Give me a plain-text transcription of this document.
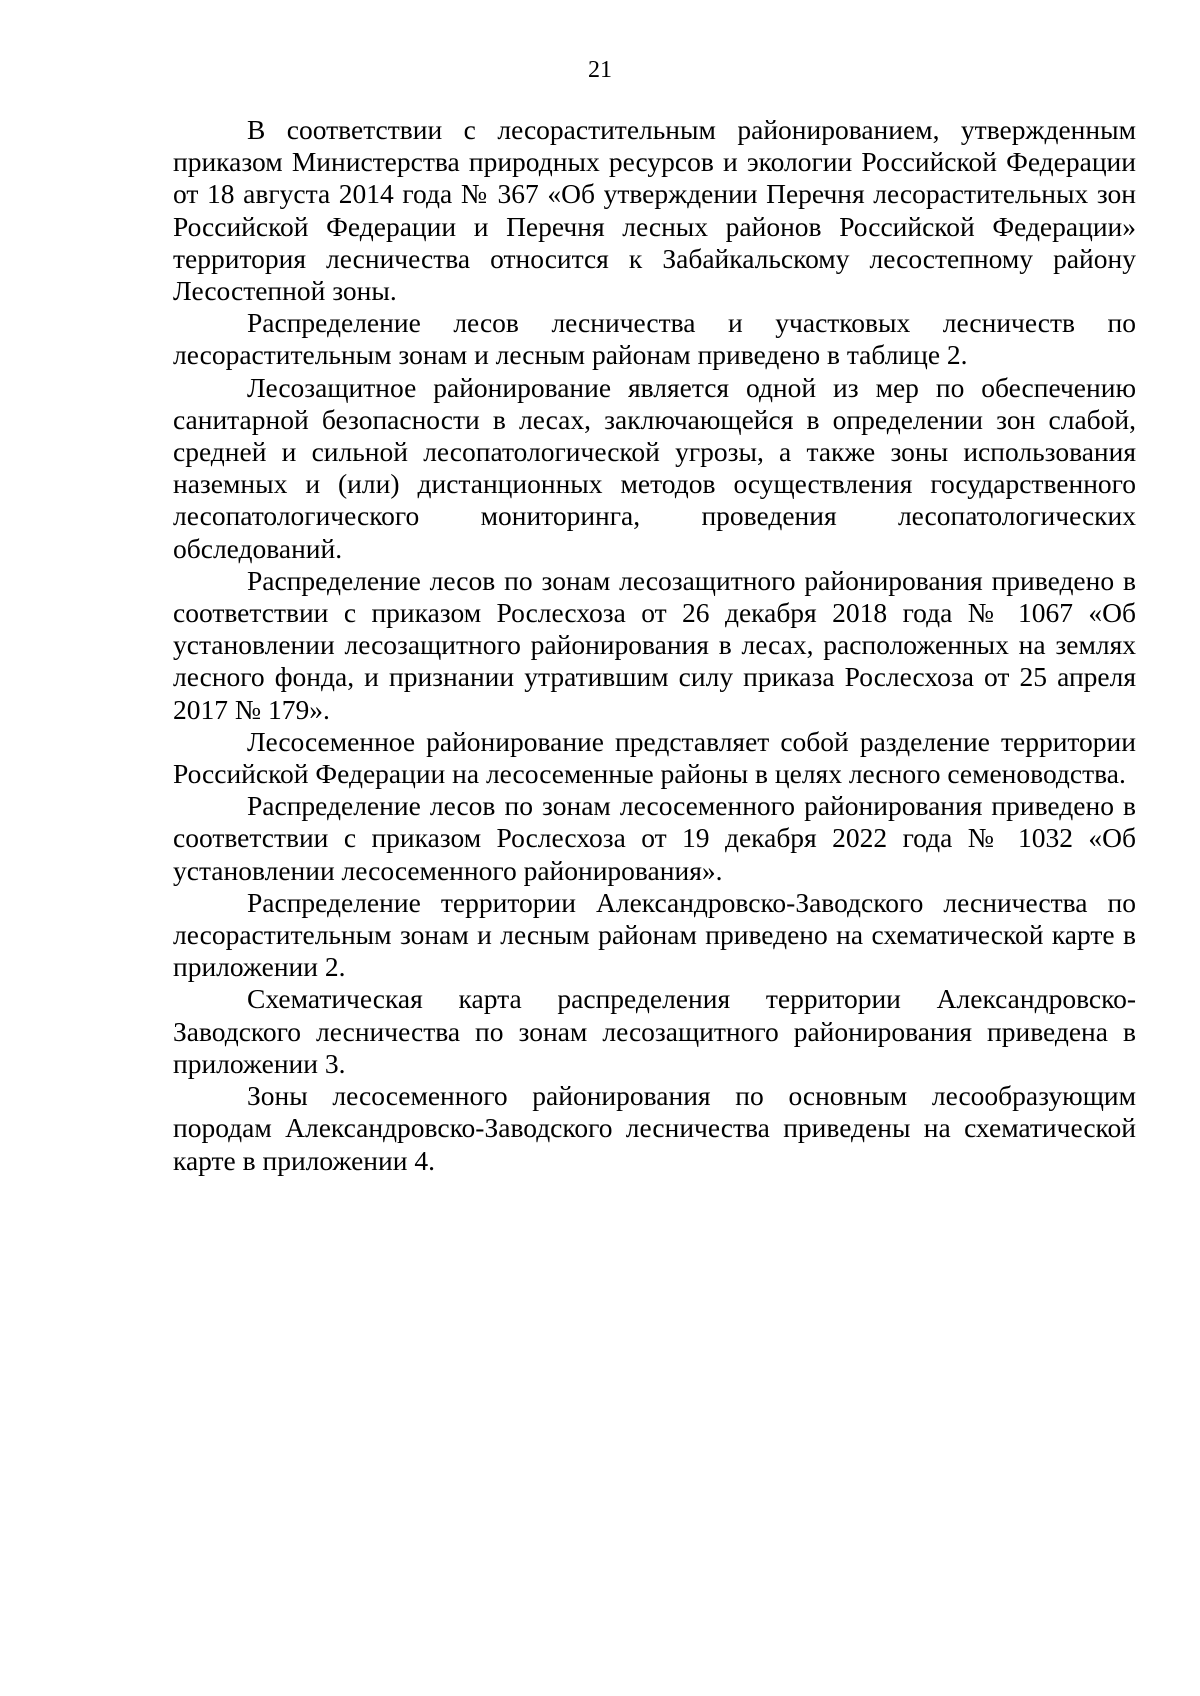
21

В соответствии с лесорастительным районированием, утвержденным приказом Министерства природных ресурсов и экологии Российской Федерации от 18 августа 2014 года № 367 «Об утверждении Перечня лесорастительных зон Российской Федерации и Перечня лесных районов Российской Федерации» территория лесничества относится к Забайкальскому лесостепному району Лесостепной зоны.

Распределение лесов лесничества и участковых лесничеств по лесорастительным зонам и лесным районам приведено в таблице 2.

Лесозащитное районирование является одной из мер по обеспечению санитарной безопасности в лесах, заключающейся в определении зон слабой, средней и сильной лесопатологической угрозы, а также зоны использования наземных и (или) дистанционных методов осуществления государственного лесопатологического мониторинга, проведения лесопатологических обследований.

Распределение лесов по зонам лесозащитного районирования приведено в соответствии с приказом Рослесхоза от 26 декабря 2018 года № 1067 «Об установлении лесозащитного районирования в лесах, расположенных на землях лесного фонда, и признании утратившим силу приказа Рослесхоза от 25 апреля 2017 № 179».

Лесосеменное районирование представляет собой разделение территории Российской Федерации на лесосеменные районы в целях лесного семеноводства.

Распределение лесов по зонам лесосеменного районирования приведено в соответствии с приказом Рослесхоза от 19 декабря 2022 года № 1032 «Об установлении лесосеменного районирования».

Распределение территории Александровско-Заводского лесничества по лесорастительным зонам и лесным районам приведено на схематической карте в приложении 2.

Схематическая карта распределения территории Александровско-Заводского лесничества по зонам лесозащитного районирования приведена в приложении 3.

Зоны лесосеменного районирования по основным лесообразующим породам Александровско-Заводского лесничества приведены на схематической карте в приложении 4.
